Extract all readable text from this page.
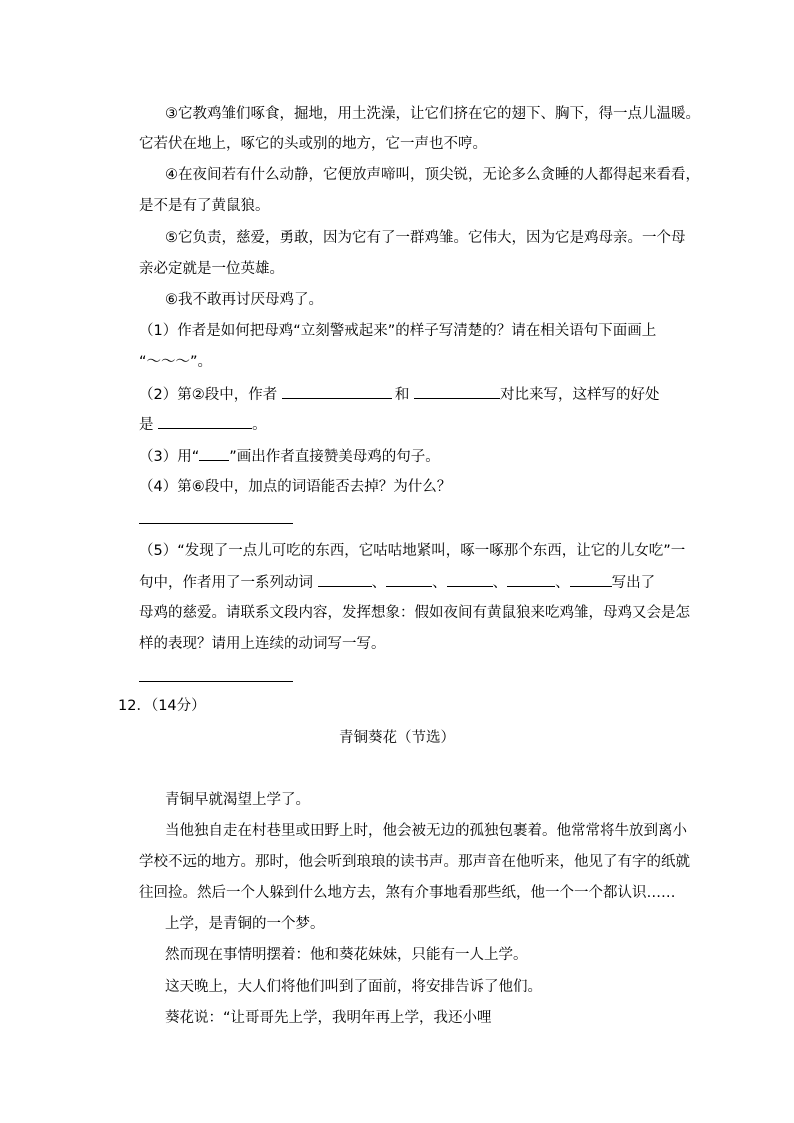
③它教鸡雏们啄食，掘地，用土洗澡，让它们挤在它的翅下、胸下，得一点儿温暖。
它若伏在地上，啄它的头或别的地方，它一声也不哼。
④在夜间若有什么动静，它便放声啼叫，顶尖锐，无论多么贪睡的人都得起来看看，
是不是有了黄鼠狼。
⑤它负责，慈爱，勇敢，因为它有了一群鸡雏。它伟大，因为它是鸡母亲。一个母
亲必定就是一位英雄。
⑥我不敢再讨厌母鸡了。
（1）作者是如何把母鸡“立刻警戒起来”的样子写清楚的？请在相关语句下面画上
“～～～”。
（2）第②段中，作者	和	对比来写，这样写的好处
是	。
（3）用“ ”画出作者直接赞美母鸡的句子。
（4）第⑥段中，加点的词语能否去掉？为什么？
（5）“发现了一点儿可吃的东西，它咕咕地紧叫，啄一啄那个东西，让它的儿女吃”一
句中，作者用了一系列动词	、	、	、	、	写出了
母鸡的慈爱。请联系文段内容，发挥想象：假如夜间有黄鼠狼来吃鸡雏，母鸡又会是怎
样的表现？请用上连续的动词写一写。
12．（14分）
青铜葵花（节选）
青铜早就渴望上学了。
当他独自走在村巷里或田野上时，他会被无边的孤独包裹着。他常常将牛放到离小
学校不远的地方。那时，他会听到琅琅的读书声。那声音在他听来，他见了有字的纸就
往回捡。然后一个人躲到什么地方去，煞有介事地看那些纸，他一个一个都认识……
上学，是青铜的一个梦。
然而现在事情明摆着：他和葵花妹妹，只能有一人上学。
这天晚上，大人们将他们叫到了面前，将安排告诉了他们。
葵花说：“让哥哥先上学，我明年再上学，我还小哩
